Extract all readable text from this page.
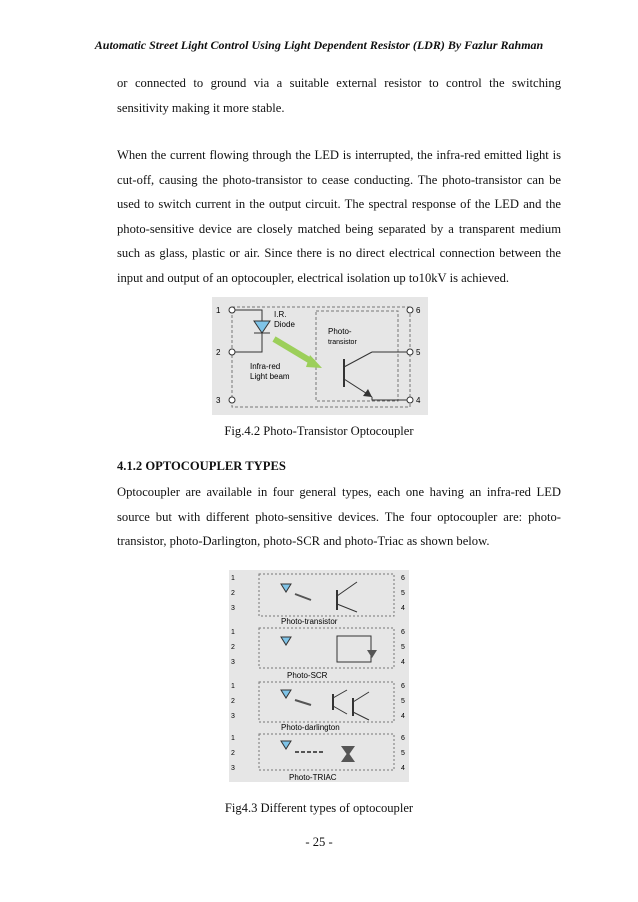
Automatic Street Light Control Using Light Dependent Resistor (LDR) By Fazlur Rahman
or connected to ground via a suitable external resistor to control the switching sensitivity making it more stable.
When the current flowing through the LED is interrupted, the infra-red emitted light is cut-off, causing the photo-transistor to cease conducting. The photo-transistor can be used to switch current in the output circuit. The spectral response of the LED and the photo-sensitive device are closely matched being separated by a transparent medium such as glass, plastic or air. Since there is no direct electrical connection between the input and output of an optocoupler, electrical isolation up to10kV is achieved.
1
2
3
6
5
4
I.R.
Diode
Infra-red
Light beam
Photo-
transistor
Fig.4.2 Photo-Transistor Optocoupler
4.1.2 OPTOCOUPLER TYPES
Optocoupler are available in four general types, each one having an infra-red LED source but with different photo-sensitive devices. The four optocoupler are: photo-transistor, photo-Darlington, photo-SCR and photo-Triac as shown below.
1
2
3
6
5
4
Photo-transistor
1
2
3
6
5
4
Photo-SCR
1
2
3
6
5
4
Photo-darlington
1
2
3
6
5
4
Photo-TRIAC
Fig4.3 Different types of optocoupler
- 25 -
